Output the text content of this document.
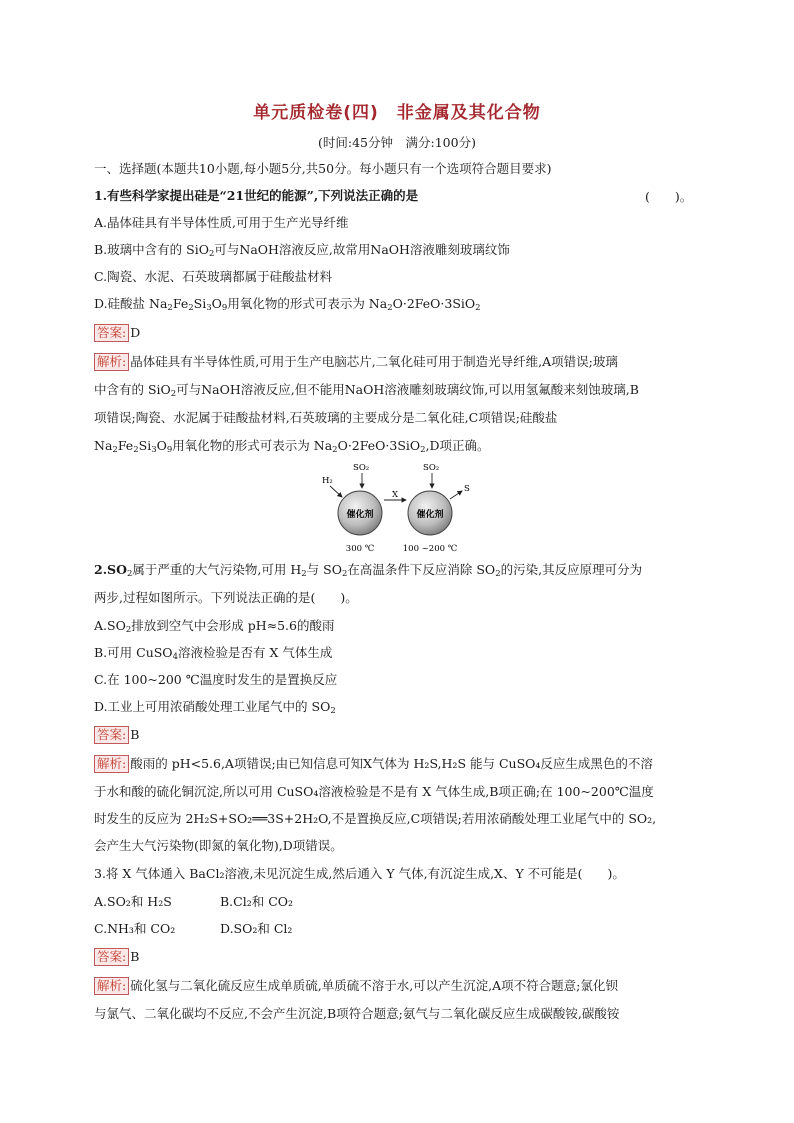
单元质检卷(四)　非金属及其化合物
(时间:45分钟　满分:100分)
一、选择题(本题共10小题,每小题5分,共50分。每小题只有一个选项符合题目要求)
1.有些科学家提出硅是“21世纪的能源”,下列说法正确的是	(　　)。
A.晶体硅具有半导体性质,可用于生产光导纤维
B.玻璃中含有的 SiO$_2$可与NaOH溶液反应,故常用NaOH溶液雕刻玻璃纹饰
C.陶瓷、水泥、石英玻璃都属于硅酸盐材料
D.硅酸盐 $Na_2Fe_2Si_3O_9$用氧化物的形式可表示为 $Na_2O\cdot 2FeO\cdot 3SiO_2$
答案: D
解析: 晶体硅具有半导体性质,可用于生产电脑芯片,二氧化硅可用于制造光导纤维,A项错误;玻璃
中含有的 SiO$_2$可与NaOH溶液反应,但不能用NaOH溶液雕刻玻璃纹饰,可以用氢氟酸来刻蚀玻璃,B
项错误;陶瓷、水泥属于硅酸盐材料,石英玻璃的主要成分是二氧化硅,C项错误;硅酸盐
$Na_2Fe_2Si_3O_9$用氧化物的形式可表示为 $Na_2O\cdot 2FeO\cdot 3SiO_2,D$项正确。
催化剂	催化剂
H₂
SO₂	SO₂
X
S
300 ℃	100 ~200 ℃
$2.SO_2$属于严重的大气污染物,可用 $H_2$与 $SO_2$在高温条件下反应消除 $SO_2$的污染,其反应原理可分为
两步,过程如图所示。下列说法正确的是(　　)。
$A.SO_2$排放到空气中会形成 pH≈5.6的酸雨
B.可用 CuSO$_4$溶液检验是否有 X 气体生成
C.在 100~200 ℃温度时发生的是置换反应
D.工业上可用浓硝酸处理工业尾气中的 $SO_2$
答案: B
解析: 酸雨的 pH<5.6,A项错误;由已知信息可知X气体为 H₂S,H₂S 能与 CuSO₄反应生成黑色的不溶
于水和酸的硫化铜沉淀,所以可用 CuSO₄溶液检验是不是有 X 气体生成,B项正确;在 100~200℃温度
时发生的反应为 2H₂S+SO₂══3S+2H₂O,不是置换反应,C项错误;若用浓硝酸处理工业尾气中的 SO₂,
会产生大气污染物(即氮的氧化物),D项错误。
3.将 X 气体通入 BaCl₂溶液,未见沉淀生成,然后通入 Y 气体,有沉淀生成,X、Y 不可能是(　　)。
A.SO₂和 H₂S	B.Cl₂和 CO₂
C.NH₃和 CO₂	D.SO₂和 Cl₂
答案: B
解析: 硫化氢与二氧化硫反应生成单质硫,单质硫不溶于水,可以产生沉淀,A项不符合题意;氯化钡
与氯气、二氧化碳均不反应,不会产生沉淀,B项符合题意;氨气与二氧化碳反应生成碳酸铵,碳酸铵
